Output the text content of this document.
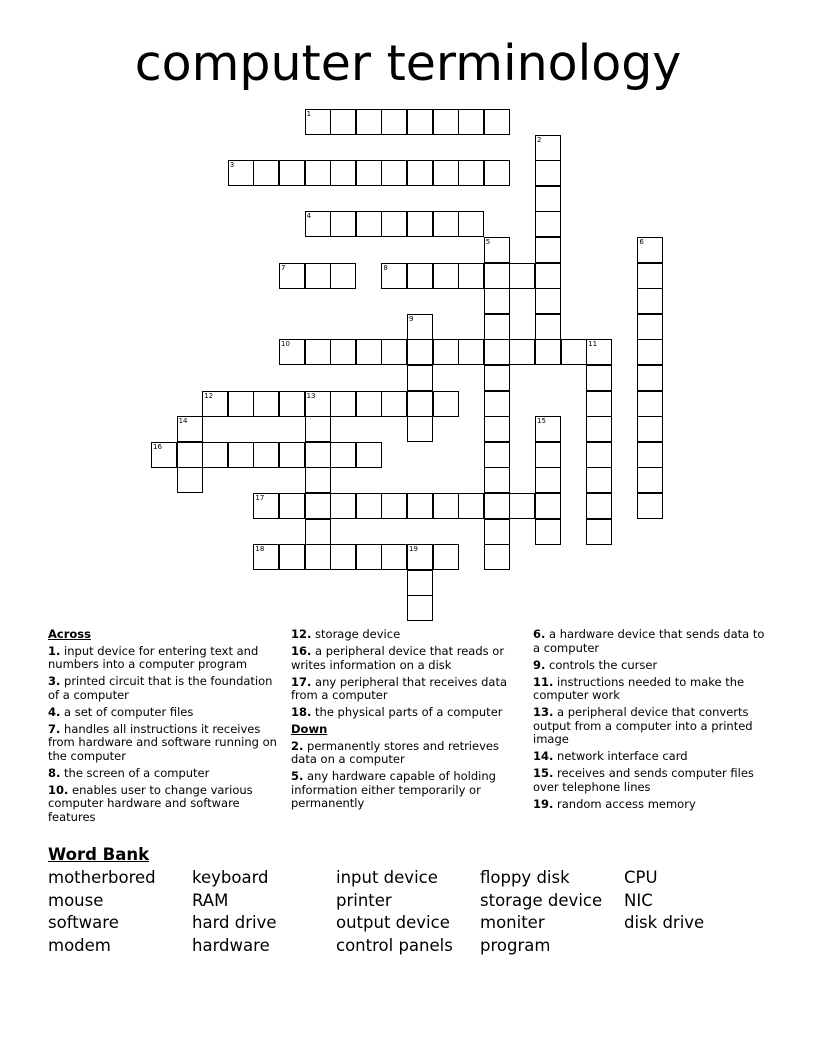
computer terminology
1
2
3
4
5	6
7	8
9
10	11
12	13
14	15
16
17
18	19

Across

1. input device for entering text and numbers into a computer program

3. printed circuit that is the foundation of a computer

4. a set of computer files

7. handles all instructions it receives from hardware and software running on the computer

8. the screen of a computer

10. enables user to change various computer hardware and software features

12. storage device

16. a peripheral device that reads or writes information on a disk

17. any peripheral that receives data from a computer

18. the physical parts of a computer

Down

2. permanently stores and retrieves data on a computer

5. any hardware capable of holding information either temporarily or permanently

6. a hardware device that sends data to a computer

9. controls the curser

11. instructions needed to make the computer work

13. a peripheral device that converts output from a computer into a printed image

14. network interface card

15. receives and sends computer files over telephone lines

19. random access memory

Word Bank
motherbored
mouse
software
modem
keyboard
RAM
hard drive
hardware
input device
printer
output device
control panels
floppy disk
storage device
moniter
program
CPU
NIC
disk drive
